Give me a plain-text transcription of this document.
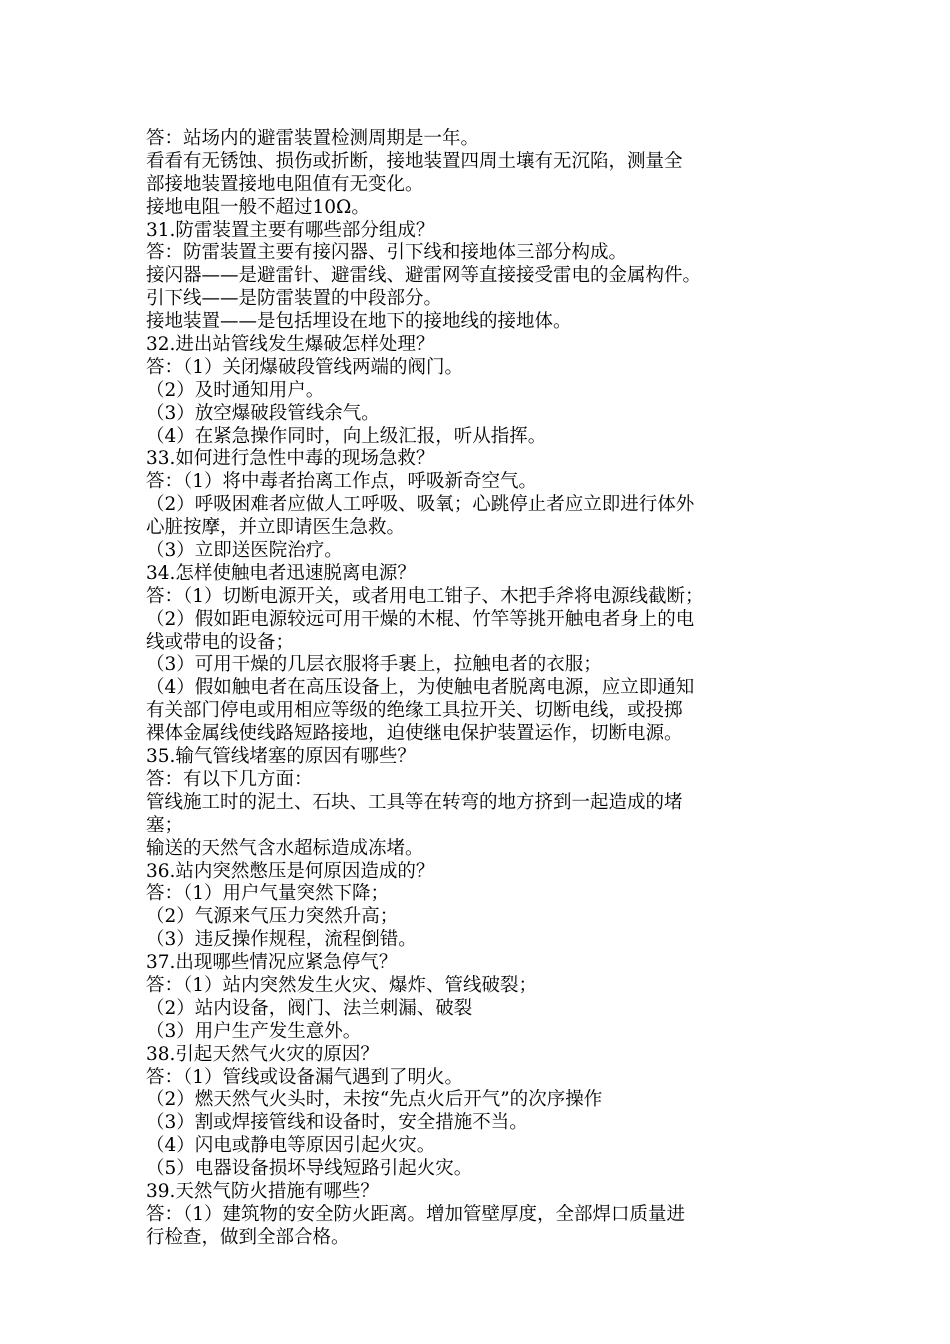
答：站场内的避雷装置检测周期是一年。
看看有无锈蚀、损伤或折断，接地装置四周土壤有无沉陷，测量全
部接地装置接地电阻值有无变化。
接地电阻一般不超过10Ω。
31.防雷装置主要有哪些部分组成？
答：防雷装置主要有接闪器、引下线和接地体三部分构成。
接闪器——是避雷针、避雷线、避雷网等直接接受雷电的金属构件。
引下线——是防雷装置的中段部分。
接地装置——是包括埋设在地下的接地线的接地体。
32.进出站管线发生爆破怎样处理？
答：（1）关闭爆破段管线两端的阀门。
（2）及时通知用户。
（3）放空爆破段管线余气。
（4）在紧急操作同时，向上级汇报，听从指挥。
33.如何进行急性中毒的现场急救？
答：（1）将中毒者抬离工作点，呼吸新奇空气。
（2）呼吸困难者应做人工呼吸、吸氧；心跳停止者应立即进行体外
心脏按摩，并立即请医生急救。
（3）立即送医院治疗。
34.怎样使触电者迅速脱离电源？
答：（1）切断电源开关，或者用电工钳子、木把手斧将电源线截断；
（2）假如距电源较远可用干燥的木棍、竹竿等挑开触电者身上的电
线或带电的设备；
（3）可用干燥的几层衣服将手裹上，拉触电者的衣服；
（4）假如触电者在高压设备上，为使触电者脱离电源，应立即通知
有关部门停电或用相应等级的绝缘工具拉开关、切断电线，或投掷
裸体金属线使线路短路接地，迫使继电保护装置运作，切断电源。
35.输气管线堵塞的原因有哪些？
答：有以下几方面：
管线施工时的泥土、石块、工具等在转弯的地方挤到一起造成的堵
塞；
输送的天然气含水超标造成冻堵。
36.站内突然憋压是何原因造成的？
答：（1）用户气量突然下降；
（2）气源来气压力突然升高；
（3）违反操作规程，流程倒错。
37.出现哪些情况应紧急停气？
答：（1）站内突然发生火灾、爆炸、管线破裂；
（2）站内设备，阀门、法兰刺漏、破裂
（3）用户生产发生意外。
38.引起天然气火灾的原因？
答：（1）管线或设备漏气遇到了明火。
（2）燃天然气火头时，未按“先点火后开气”的次序操作
（3）割或焊接管线和设备时，安全措施不当。
（4）闪电或静电等原因引起火灾。
（5）电器设备损坏导线短路引起火灾。
39.天然气防火措施有哪些？
答：（1）建筑物的安全防火距离。增加管壁厚度，全部焊口质量进
行检查，做到全部合格。
